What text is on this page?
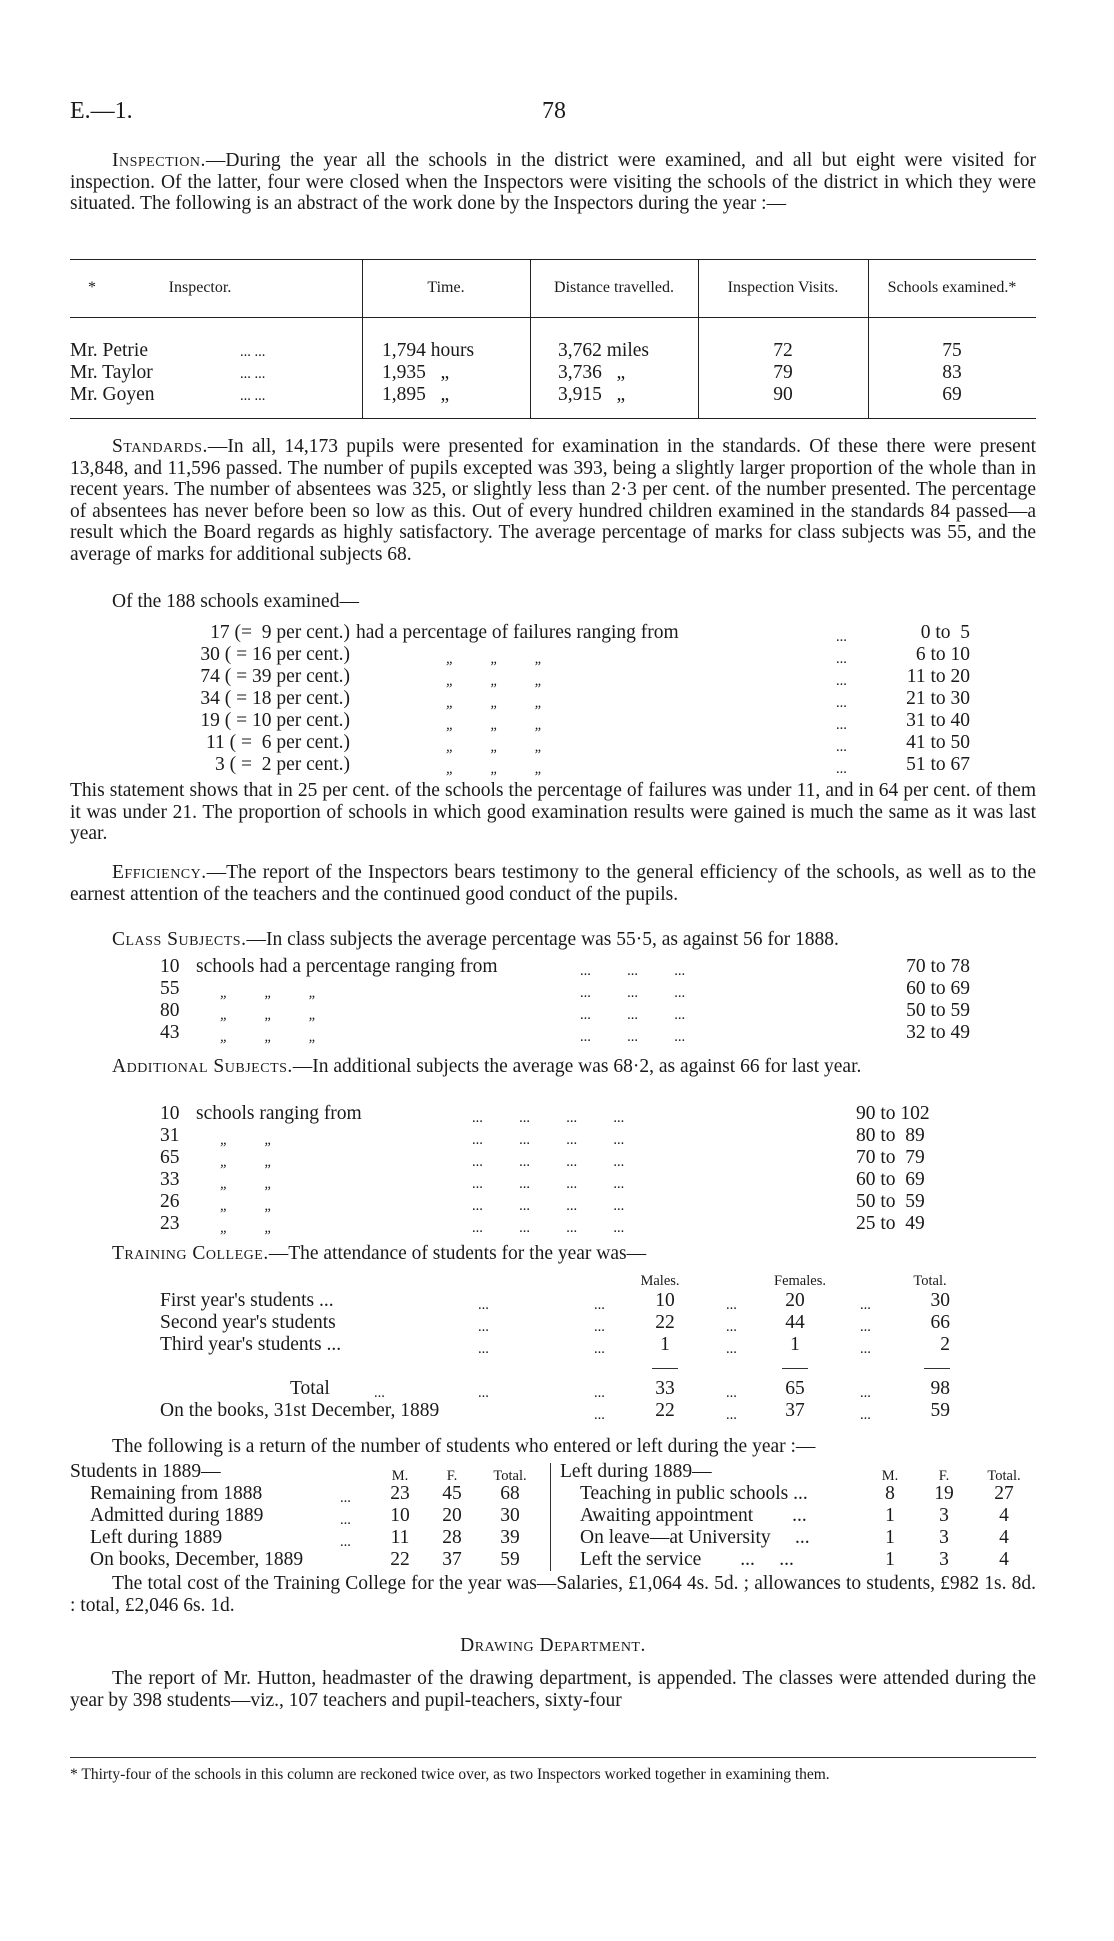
E.—1.	78

Inspection.—During the year all the schools in the district were examined, and all but eight were visited for inspection. Of the latter, four were closed when the Inspectors were visiting the schools of the district in which they were situated. The following is an abstract of the work done by the Inspectors during the year :—

*	Inspector.	Time.	Distance travelled.	Inspection Visits.	Schools examined.*
Mr. Petrie	... ...	1,794 hours	3,762 miles	72	75
Mr. Taylor	... ...	1,935   „	3,736   „	79	83
Mr. Goyen	... ...	1,895   „	3,915   „	90	69

Standards.—In all, 14,173 pupils were presented for examination in the standards. Of these there were present 13,848, and 11,596 passed. The number of pupils excepted was 393, being a slightly larger proportion of the whole than in recent years. The number of absentees was 325, or slightly less than 2·3 per cent. of the number presented. The percentage of absentees has never before been so low as this. Out of every hundred children examined in the standards 84 passed—a result which the Board regards as highly satisfactory. The average percentage of marks for class subjects was 55, and the average of marks for additional subjects 68.

Of the 188 schools examined—
17 (=  9 per cent.) had a percentage of failures ranging from	...	0 to  5
30 ( = 16 per cent.)	„          „          „	...	6 to 10
74 ( = 39 per cent.)	„          „          „	...	11 to 20
34 ( = 18 per cent.)	„          „          „	...	21 to 30
19 ( = 10 per cent.)	„          „          „	...	31 to 40
11 ( =  6 per cent.)	„          „          „	...	41 to 50
3 ( =  2 per cent.)	„          „          „	...	51 to 67

This statement shows that in 25 per cent. of the schools the percentage of failures was under 11, and in 64 per cent. of them it was under 21. The proportion of schools in which good examination results were gained is much the same as it was last year.

Efficiency.—The report of the Inspectors bears testimony to the general efficiency of the schools, as well as to the earnest attention of the teachers and the continued good conduct of the pupils.

Class Subjects.—In class subjects the average percentage was 55·5, as against 56 for 1888.

10 schools had a percentage ranging from	...          ...          ...	70 to 78
55	„          „          „	...          ...          ...	60 to 69
80	„          „          „	...          ...          ...	50 to 59
43	„          „          „	...          ...          ...	32 to 49

Additional Subjects.—In additional subjects the average was 68·2, as against 66 for last year.

10 schools ranging from	...          ...          ...          ...	90 to 102
31	„          „	...          ...          ...          ...	80 to  89
65	„          „	...          ...          ...          ...	70 to  79
33	„          „	...          ...          ...          ...	60 to  69
26	„          „	...          ...          ...          ...	50 to  59
23	„          „	...          ...          ...          ...	25 to  49

Training College.—The attendance of students for the year was—

Males.	Females.	Total.
First year's students ...	...	...	10	...	20	...	30
Second year's students	...	...	22	...	44	...	66
Third year's students ...	...	...	1	...	1	...	2
Total	...	...	...	33	...	65	...	98
On the books, 31st December, 1889	...	22	...	37	...	59
The following is a return of the number of students who entered or left during the year :—
Students in 1889—	M.	F.	Total.
Remaining from 1888	...	23	45	68
Admitted during 1889	...	10	20	30
Left during 1889	...	11	28	39
On books, December, 1889	22	37	59
Left during 1889—	M.	F.	Total.
Teaching in public schools ...	8	19	27
Awaiting appointment        ...	1	3	4
On leave—at University     ...	1	3	4
Left the service        ...     ...	1	3	4

The total cost of the Training College for the year was—Salaries, £1,064 4s. 5d. ; allowances to students, £982 1s. 8d. : total, £2,046 6s. 1d.

Drawing Department.

The report of Mr. Hutton, headmaster of the drawing department, is appended. The classes were attended during the year by 398 students—viz., 107 teachers and pupil-teachers, sixty-four

* Thirty-four of the schools in this column are reckoned twice over, as two Inspectors worked together in examining them.
